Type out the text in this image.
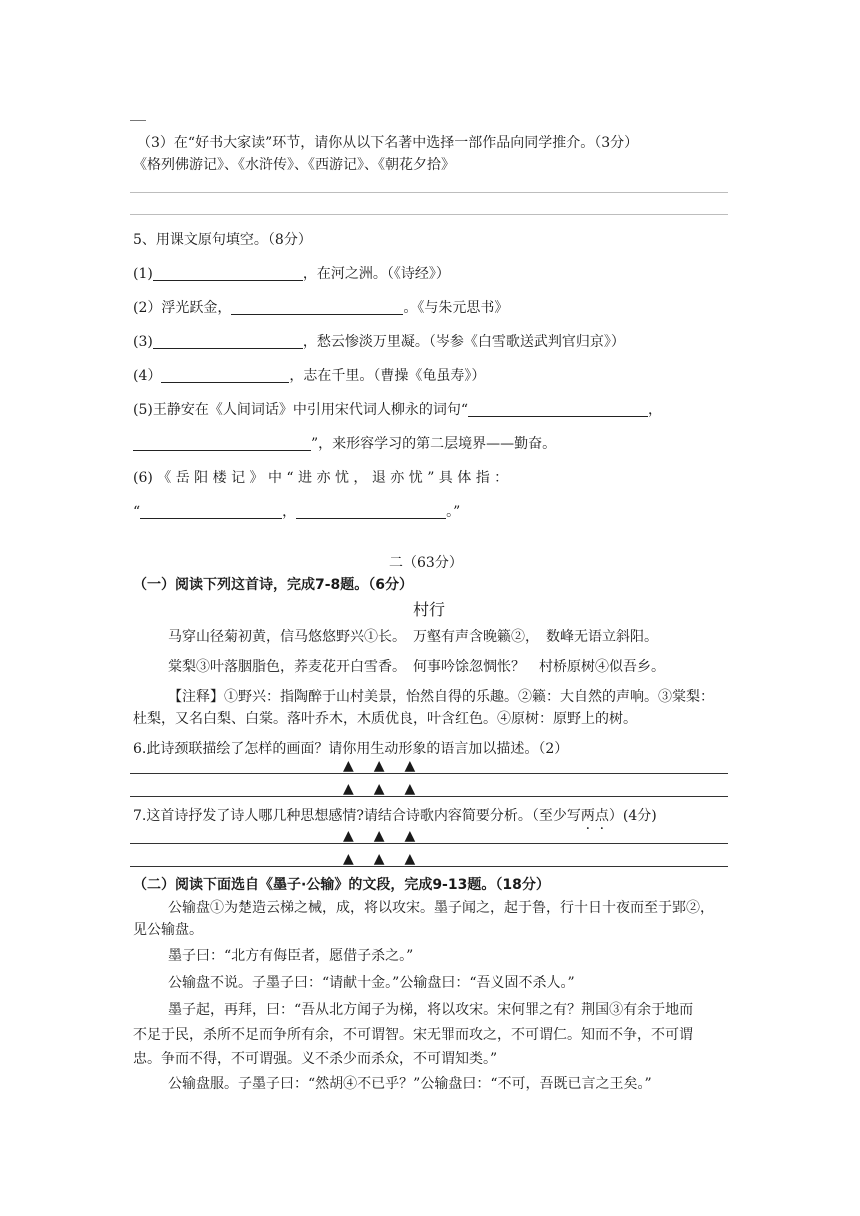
（3）在“好书大家读”环节，请你从以下名著中选择一部作品向同学推介。（3分）
《格列佛游记》、《水浒传》、《西游记》、《朝花夕拾》
5、用课文原句填空。（8分）
(1)	，在河之洲。（《诗经》）
(2）浮光跃金，	。《与朱元思书》
(3)	，愁云惨淡万里凝。（岑参《白雪歌送武判官归京》）
(4）	，志在千里。（曹操《龟虽寿》）
(5)王静安在《人间词话》中引用宋代词人柳永的词句“	，
”，来形容学习的第二层境界——勤奋。
(6) 《 岳 阳 楼 记 》 中 “ 进 亦 忧 ， 退 亦 忧 ” 具 体 指 ：
“	，	。”
二（63分）
（一）阅读下列这首诗，完成7-8题。（6分）
村行
马穿山径菊初黄，信马悠悠野兴①长。　万壑有声含晚籁②，　数峰无语立斜阳。
棠梨③叶落胭脂色，荞麦花开白雪香。　何事吟馀忽惆怅？　村桥原树④似吾乡。
【注释】①野兴：指陶醉于山村美景，怡然自得的乐趣。②籁：大自然的声响。③棠梨：
杜梨，又名白梨、白棠。落叶乔木，木质优良，叶含红色。④原树：原野上的树。
6.此诗颈联描绘了怎样的画面？请你用生动形象的语言加以描述。（2）
▲▲▲
▲▲▲
7.这首诗抒发了诗人哪几种思想感情?请结合诗歌内容简要分析。（至少写两点）(4分)
▲▲▲
▲▲▲
（二）阅读下面选自《墨子·公输》的文段，完成9-13题。（18分）
公输盘①为楚造云梯之械，成，将以攻宋。墨子闻之，起于鲁，行十日十夜而至于郢②，
见公输盘。
墨子曰：“北方有侮臣者，愿借子杀之。”
公输盘不说。子墨子曰：“请献十金。”公输盘曰：“吾义固不杀人。”
墨子起，再拜，曰：“吾从北方闻子为梯，将以攻宋。宋何罪之有？荆国③有余于地而
不足于民，杀所不足而争所有余，不可谓智。宋无罪而攻之，不可谓仁。知而不争，不可谓
忠。争而不得，不可谓强。义不杀少而杀众，不可谓知类。”
公输盘服。子墨子曰：“然胡④不已乎？”公输盘曰：“不可，吾既已言之王矣。”
